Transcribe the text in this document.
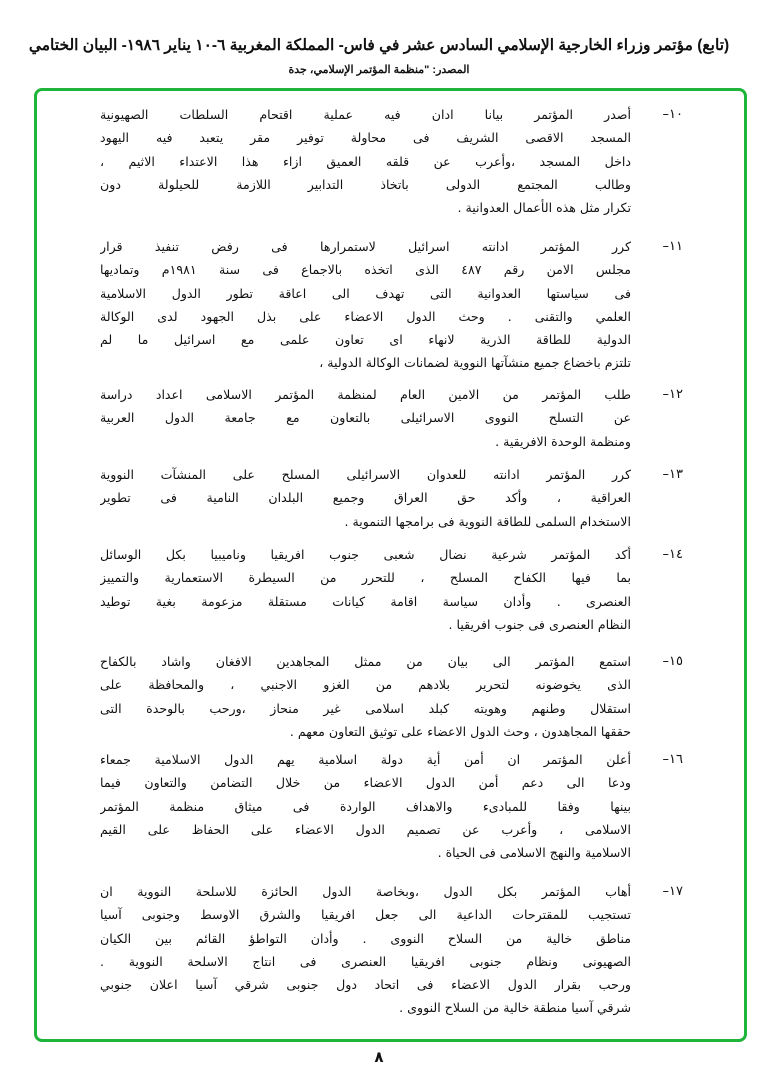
(تابع) مؤتمر وزراء الخارجية الإسلامي السادس عشر في فاس- المملكة المغربية ٦-١٠ يناير ١٩٨٦- البيان الختامي
المصدر: "منظمة المؤتمر الإسلامي، جدة
١٠–
أصدر المؤتمر بيانا ادان فيه عملية اقتحام السلطات الصهيونية
المسجد الاقصى الشريف فى محاولة توفير مقر يتعبد فيه اليهود
داخل المسجد ،وأعرب عن قلقه العميق ازاء هذا الاعتداء الاثيم ،
وطالب المجتمع الدولى باتخاذ التدابير اللازمة للحيلولة دون
تكرار مثل هذه الأعمال العدوانية .
١١–
كرر المؤتمر ادانته اسرائيل لاستمرارها فى رفض تنفيذ قرار
مجلس الامن رقم ٤٨٧ الذى اتخذه بالاجماع فى سنة ١٩٨١م وتماديها
فى سياستها العدوانية التى تهدف الى اعاقة تطور الدول الاسلامية
العلمي والتقنى . وحث الدول الاعضاء على بذل الجهود لدى الوكالة
الدولية للطاقة الذرية لانهاء اى تعاون علمى مع اسرائيل ما لم
تلتزم باخضاع جميع منشآتها النووية لضمانات الوكالة الدولية ،
١٢–
طلب المؤتمر من الامين العام لمنظمة المؤتمر الاسلامى اعداد دراسة
عن التسلح النووى الاسرائيلى بالتعاون مع جامعة الدول العربية
ومنظمة الوحدة الافريقية .
١٣–
كرر المؤتمر ادانته للعدوان الاسرائيلى المسلح على المنشآت النووية
العراقية ، وأكد حق العراق وجميع البلدان النامية فى تطوير
الاستخدام السلمى للطاقة النووية فى برامجها التنموية .
١٤–
أكد المؤتمر شرعية نضال شعبى جنوب افريقيا وناميبيا بكل الوسائل
بما فيها الكفاح المسلح ، للتحرر من السيطرة الاستعمارية والتمييز
العنصرى . وأدان سياسة اقامة كيانات مستقلة مزعومة بغية توطيد
النظام العنصرى فى جنوب افريقيا .
١٥–
استمع المؤتمر الى بيان من ممثل المجاهدين الافغان واشاد بالكفاح
الذى يخوضونه لتحرير بلادهم من الغزو الاجنبي ، والمحافظة على
استقلال وطنهم وهويته كبلد اسلامى غير منحاز ،ورحب بالوحدة التى
حققها المجاهدون ، وحث الدول الاعضاء على توثيق التعاون معهم .
١٦–
أعلن المؤتمر ان أمن أية دولة اسلامية يهم الدول الاسلامية جمعاء
ودعا الى دعم أمن الدول الاعضاء من خلال التضامن والتعاون فيما
بينها وفقا للمبادىء والاهداف الواردة فى ميثاق منظمة المؤتمر
الاسلامى ، وأعرب عن تصميم الدول الاعضاء على الحفاظ على القيم
الاسلامية والنهج الاسلامى فى الحياة .
١٧–
أهاب المؤتمر بكل الدول ،وبخاصة الدول الحائزة للاسلحة النووية ان
تستجيب للمقترحات الداعية الى جعل افريقيا والشرق الاوسط وجنوبى آسيا
مناطق خالية من السلاح النووى . وأدان التواطؤ القائم بين الكيان
الصهيونى ونظام جنوبى افريقيا العنصرى فى انتاج الاسلحة النووية .
ورحب بقرار الدول الاعضاء فى اتحاد دول جنوبى شرقي آسيا اعلان جنوبي
شرقي آسيا منطقة خالية من السلاح النووى .
٨
